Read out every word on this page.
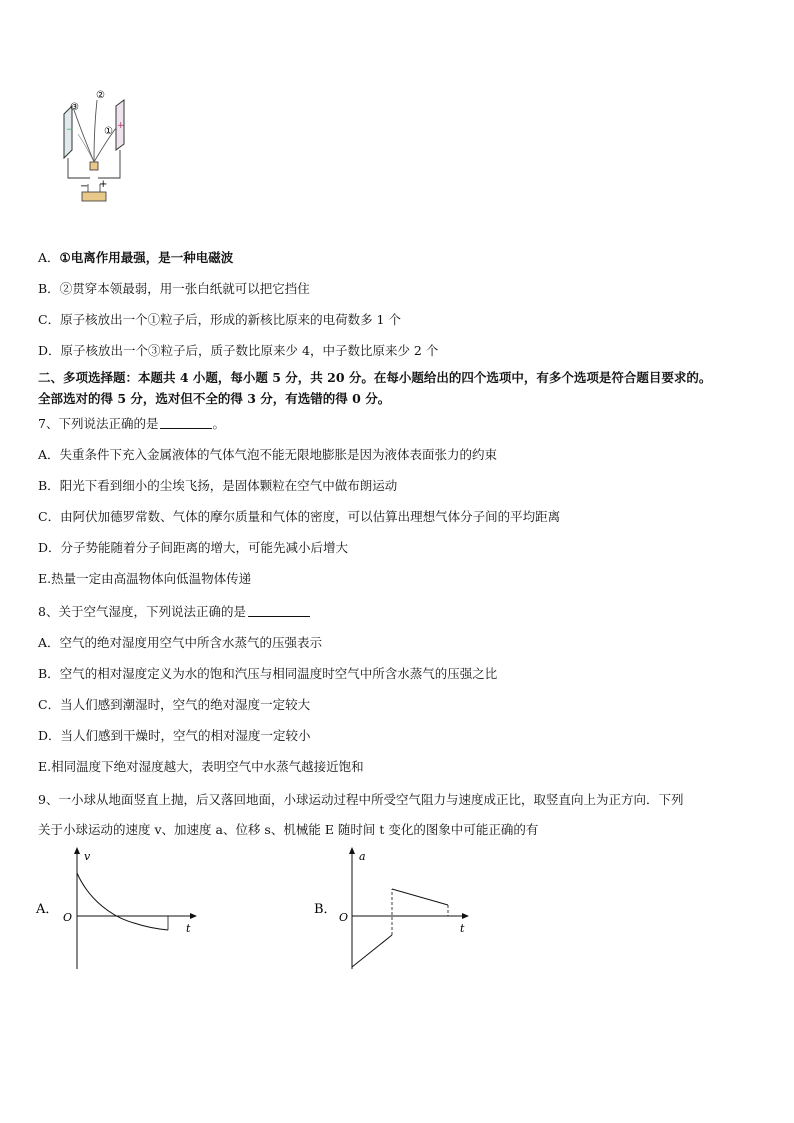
−	+
③
②
①
− +
A．①电离作用最强，是一种电磁波
B．②贯穿本领最弱，用一张白纸就可以把它挡住
C．原子核放出一个①粒子后，形成的新核比原来的电荷数多 1 个
D．原子核放出一个③粒子后，质子数比原来少 4，中子数比原来少 2 个
二、多项选择题：本题共 4 小题，每小题 5 分，共 20 分。在每小题给出的四个选项中，有多个选项是符合题目要求的。
全部选对的得 5 分，选对但不全的得 3 分，有选错的得 0 分。
7、下列说法正确的是	。
A．失重条件下充入金属液体的气体气泡不能无限地膨胀是因为液体表面张力的约束
B．阳光下看到细小的尘埃飞扬，是固体颗粒在空气中做布朗运动
C．由阿伏加德罗常数、气体的摩尔质量和气体的密度，可以估算出理想气体分子间的平均距离
D．分子势能随着分子间距离的增大，可能先减小后增大
E.热量一定由高温物体向低温物体传递
8、关于空气湿度，下列说法正确的是
A．空气的绝对湿度用空气中所含水蒸气的压强表示
B．空气的相对湿度定义为水的饱和汽压与相同温度时空气中所含水蒸气的压强之比
C．当人们感到潮湿时，空气的绝对湿度一定较大
D．当人们感到干燥时，空气的相对湿度一定较小
E.相同温度下绝对湿度越大，表明空气中水蒸气越接近饱和
9、一小球从地面竖直上抛，后又落回地面，小球运动过程中所受空气阻力与速度成正比，取竖直向上为正方向．下列
关于小球运动的速度 v、加速度 a、位移 s、机械能 E 随时间 t 变化的图象中可能正确的有
A．
v
t
O
B．
a
t
O
